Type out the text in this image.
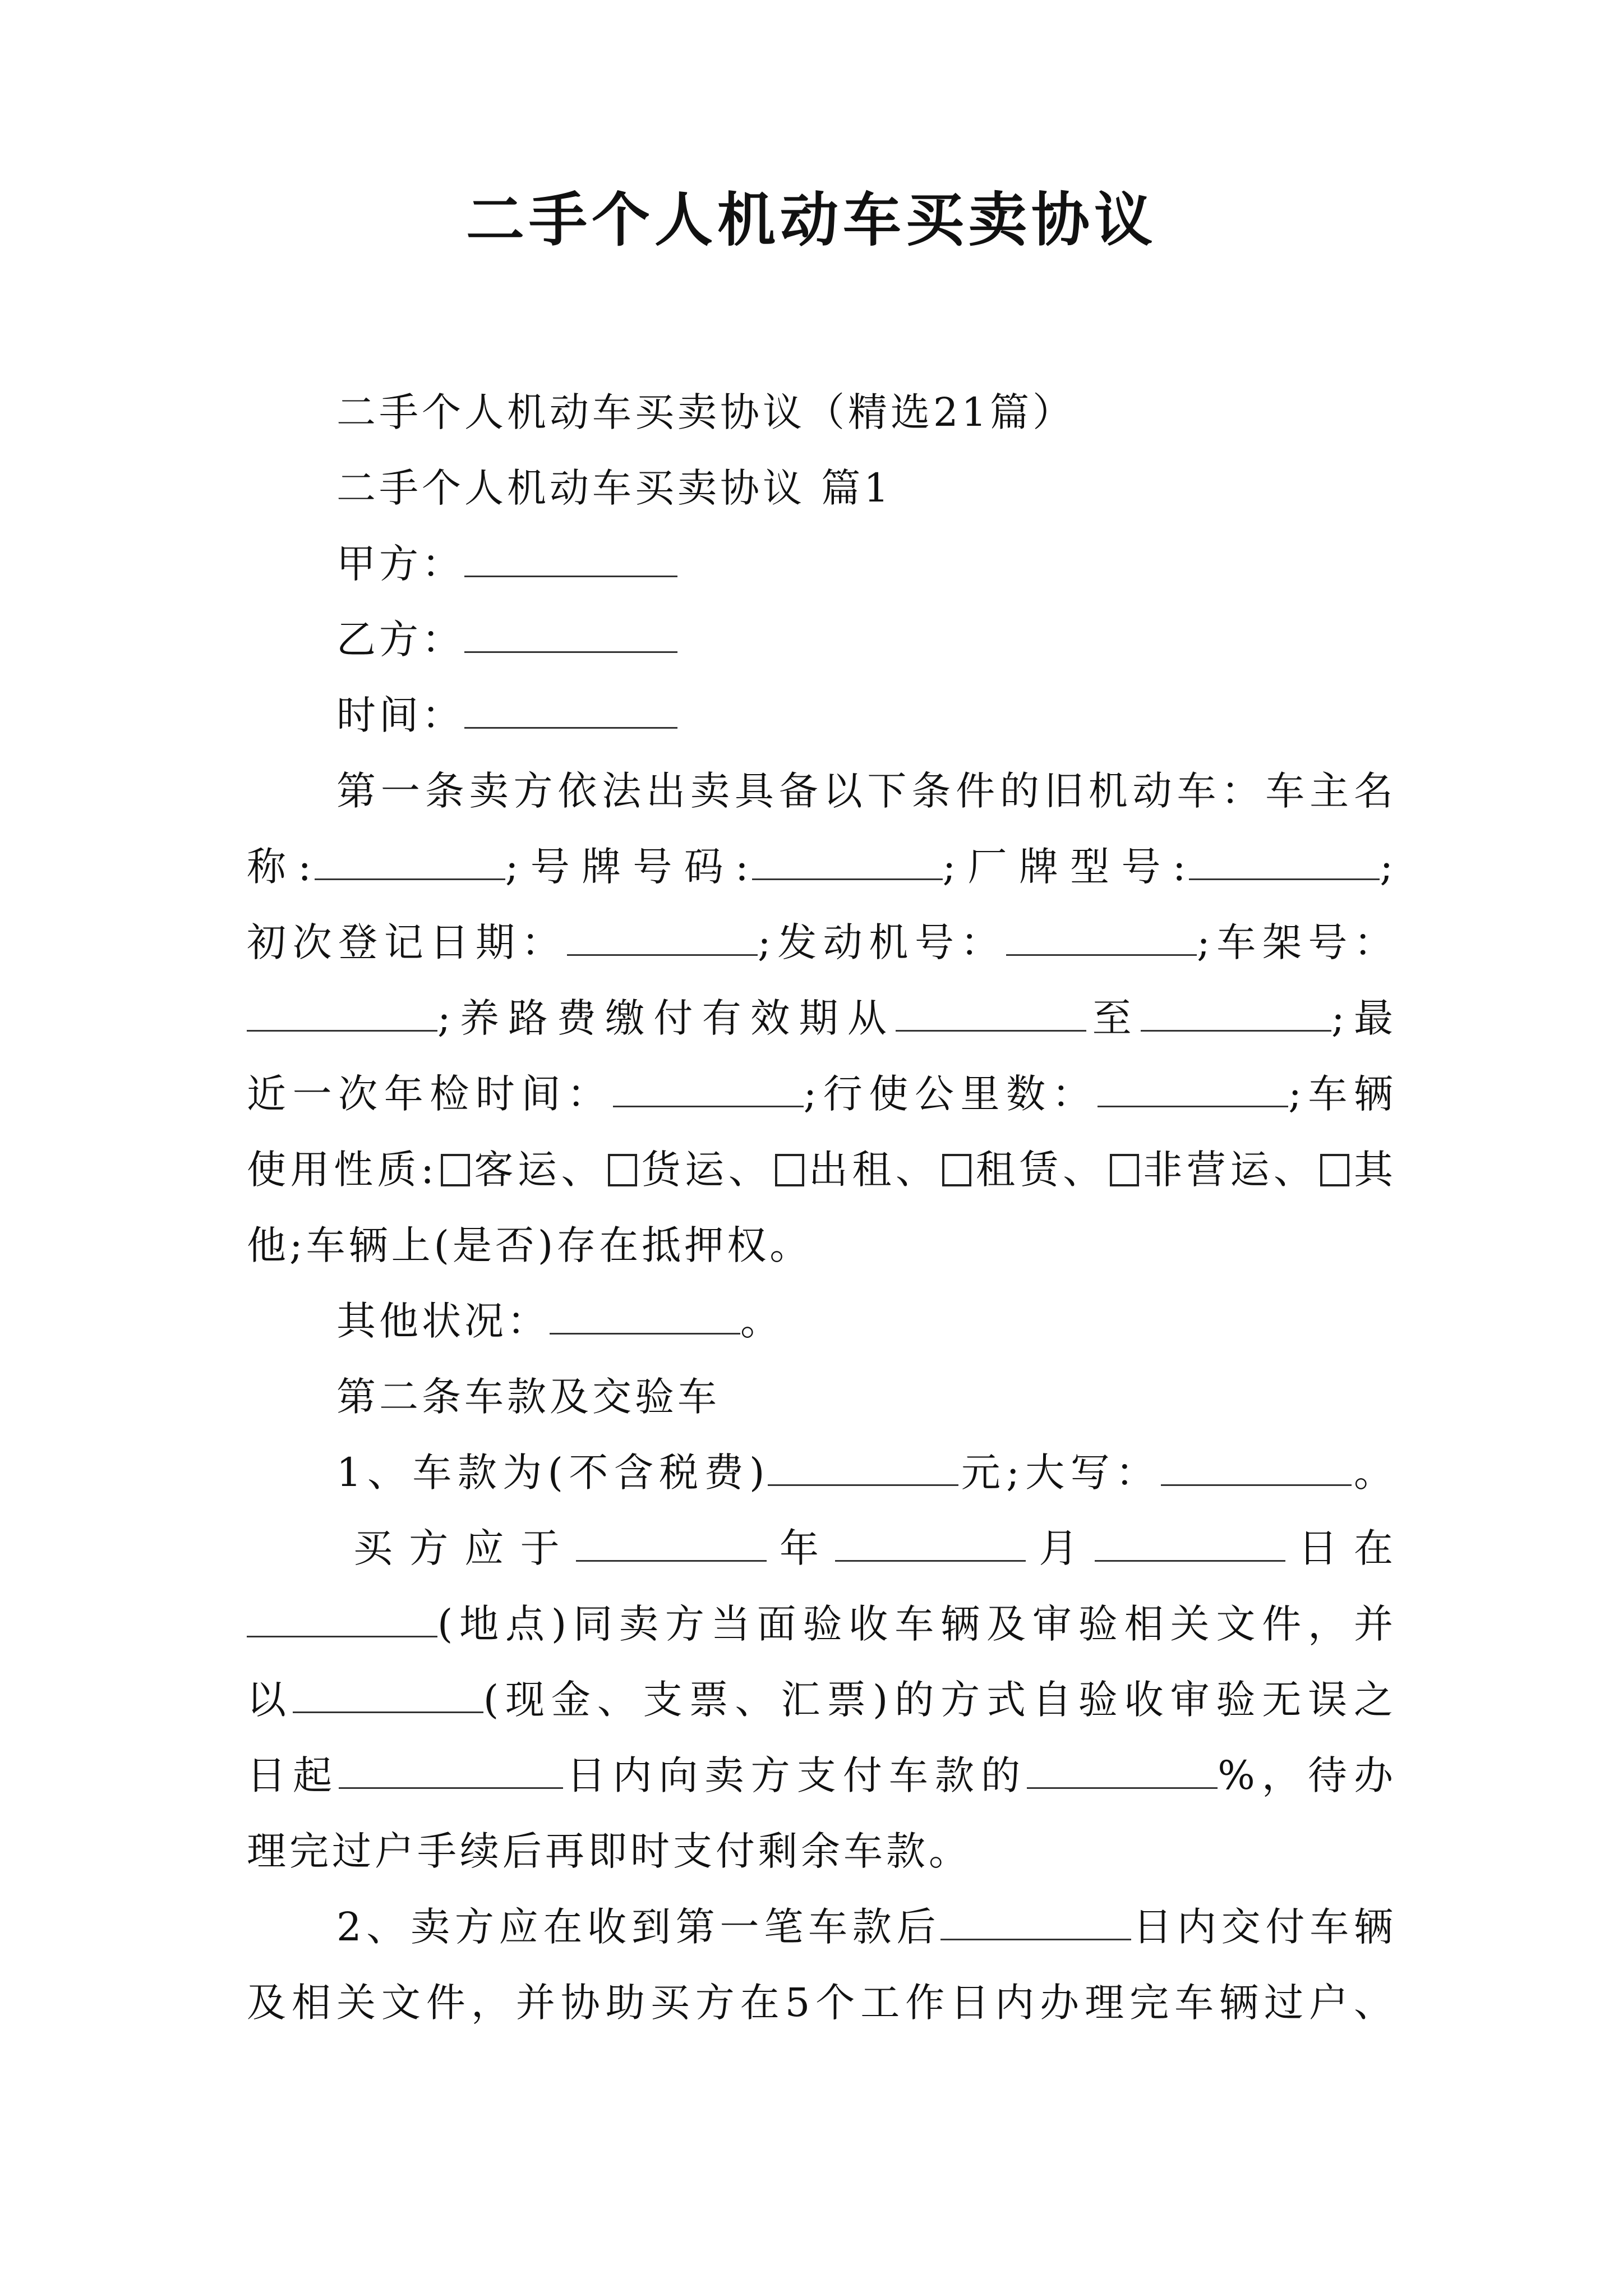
二手个人机动车买卖协议
二手个人机动车买卖协议（精选21篇）
二手个人机动车买卖协议 篇1
甲方：
乙方：
时间：
第一条卖方依法出卖具备以下条件的旧机动车：车主名
称:	;号牌号码:	;厂牌型号:	;
初次登记日期：	;发动机号：	;车架号：
;养路费缴付有效期从	至	;最
近一次年检时间：	;行使公里数：	;车辆
使用性质: 客运、 货运、 出租、 租赁、 非营运、 其
他;车辆上(是否)存在抵押权。
其他状况：	。
第二条车款及交验车
1、车款为(不含税费)	元;大写：	。
买方应于	年	月	日在
(地点)同卖方当面验收车辆及审验相关文件，并
以	(现金、支票、汇票)的方式自验收审验无误之
日起	日内向卖方支付车款的	%，待办
理完过户手续后再即时支付剩余车款。
2、卖方应在收到第一笔车款后	日内交付车辆
及相关文件，并协助买方在5个工作日内办理完车辆过户、
